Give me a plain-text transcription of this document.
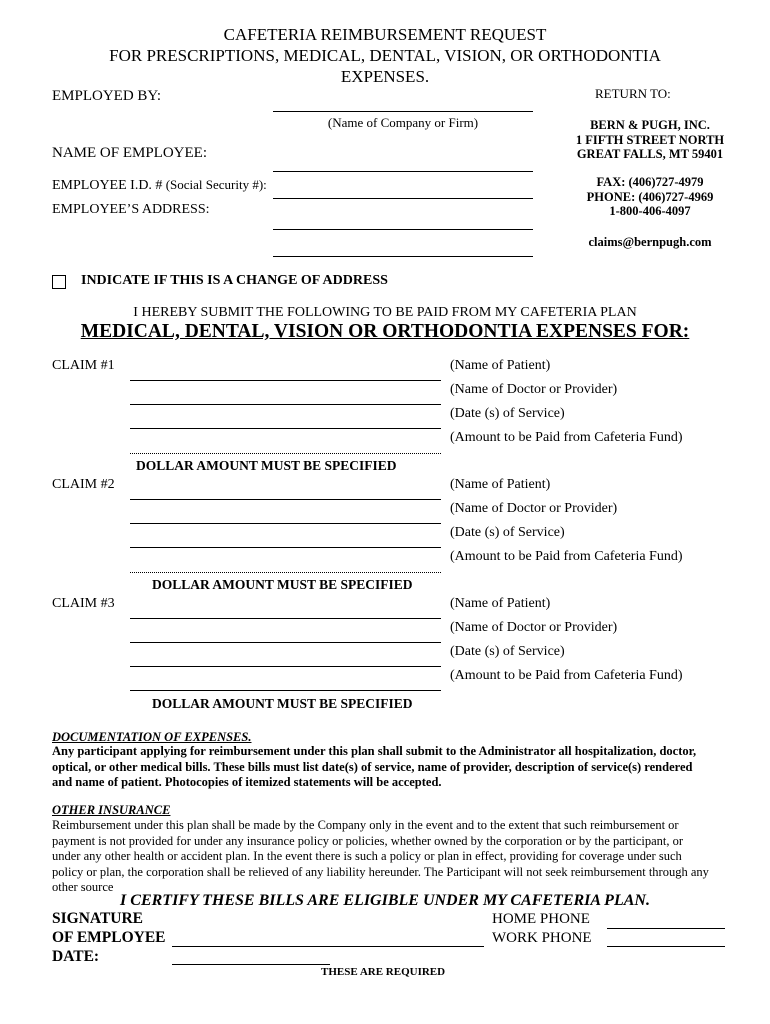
CAFETERIA REIMBURSEMENT REQUEST
FOR PRESCRIPTIONS, MEDICAL, DENTAL, VISION, OR ORTHODONTIA
EXPENSES.
EMPLOYED BY:
(Name of Company or Firm)
NAME OF EMPLOYEE:
EMPLOYEE I.D. # (Social Security #):
EMPLOYEE’S ADDRESS:
RETURN TO:
BERN & PUGH, INC.
1 FIFTH STREET NORTH
GREAT FALLS, MT 59401
FAX: (406)727-4979
PHONE: (406)727-4969
1-800-406-4097
claims@bernpugh.com
INDICATE IF THIS IS A CHANGE OF ADDRESS
I HEREBY SUBMIT THE FOLLOWING TO BE PAID FROM MY CAFETERIA PLAN
MEDICAL, DENTAL, VISION OR ORTHODONTIA EXPENSES FOR:
CLAIM #1	(Name of Patient)
(Name of Doctor or Provider)
(Date (s) of Service)
(Amount to be Paid from Cafeteria Fund)
DOLLAR AMOUNT MUST BE SPECIFIED
CLAIM #2	(Name of Patient)
(Name of Doctor or Provider)
(Date (s) of Service)
(Amount to be Paid from Cafeteria Fund)
DOLLAR AMOUNT MUST BE SPECIFIED
CLAIM #3	(Name of Patient)
(Name of Doctor or Provider)
(Date (s) of Service)
(Amount to be Paid from Cafeteria Fund)
DOLLAR AMOUNT MUST BE SPECIFIED
DOCUMENTATION OF EXPENSES.
Any participant applying for reimbursement under this plan shall submit to the Administrator all hospitalization, doctor,
optical, or other medical bills. These bills must list date(s) of service, name of provider, description of service(s) rendered
and name of patient. Photocopies of itemized statements will be accepted.
OTHER INSURANCE
Reimbursement under this plan shall be made by the Company only in the event and to the extent that such reimbursement or
payment is not provided for under any insurance policy or policies, whether owned by the corporation or by the participant, or
under any other health or accident plan. In the event there is such a policy or plan in effect, providing for coverage under such
policy or plan, the corporation shall be relieved of any liability hereunder. The Participant will not seek reimbursement through any
other source
I CERTIFY THESE BILLS ARE ELIGIBLE UNDER MY CAFETERIA PLAN.
SIGNATURE
OF EMPLOYEE
DATE:
HOME PHONE
WORK PHONE
THESE ARE REQUIRED
